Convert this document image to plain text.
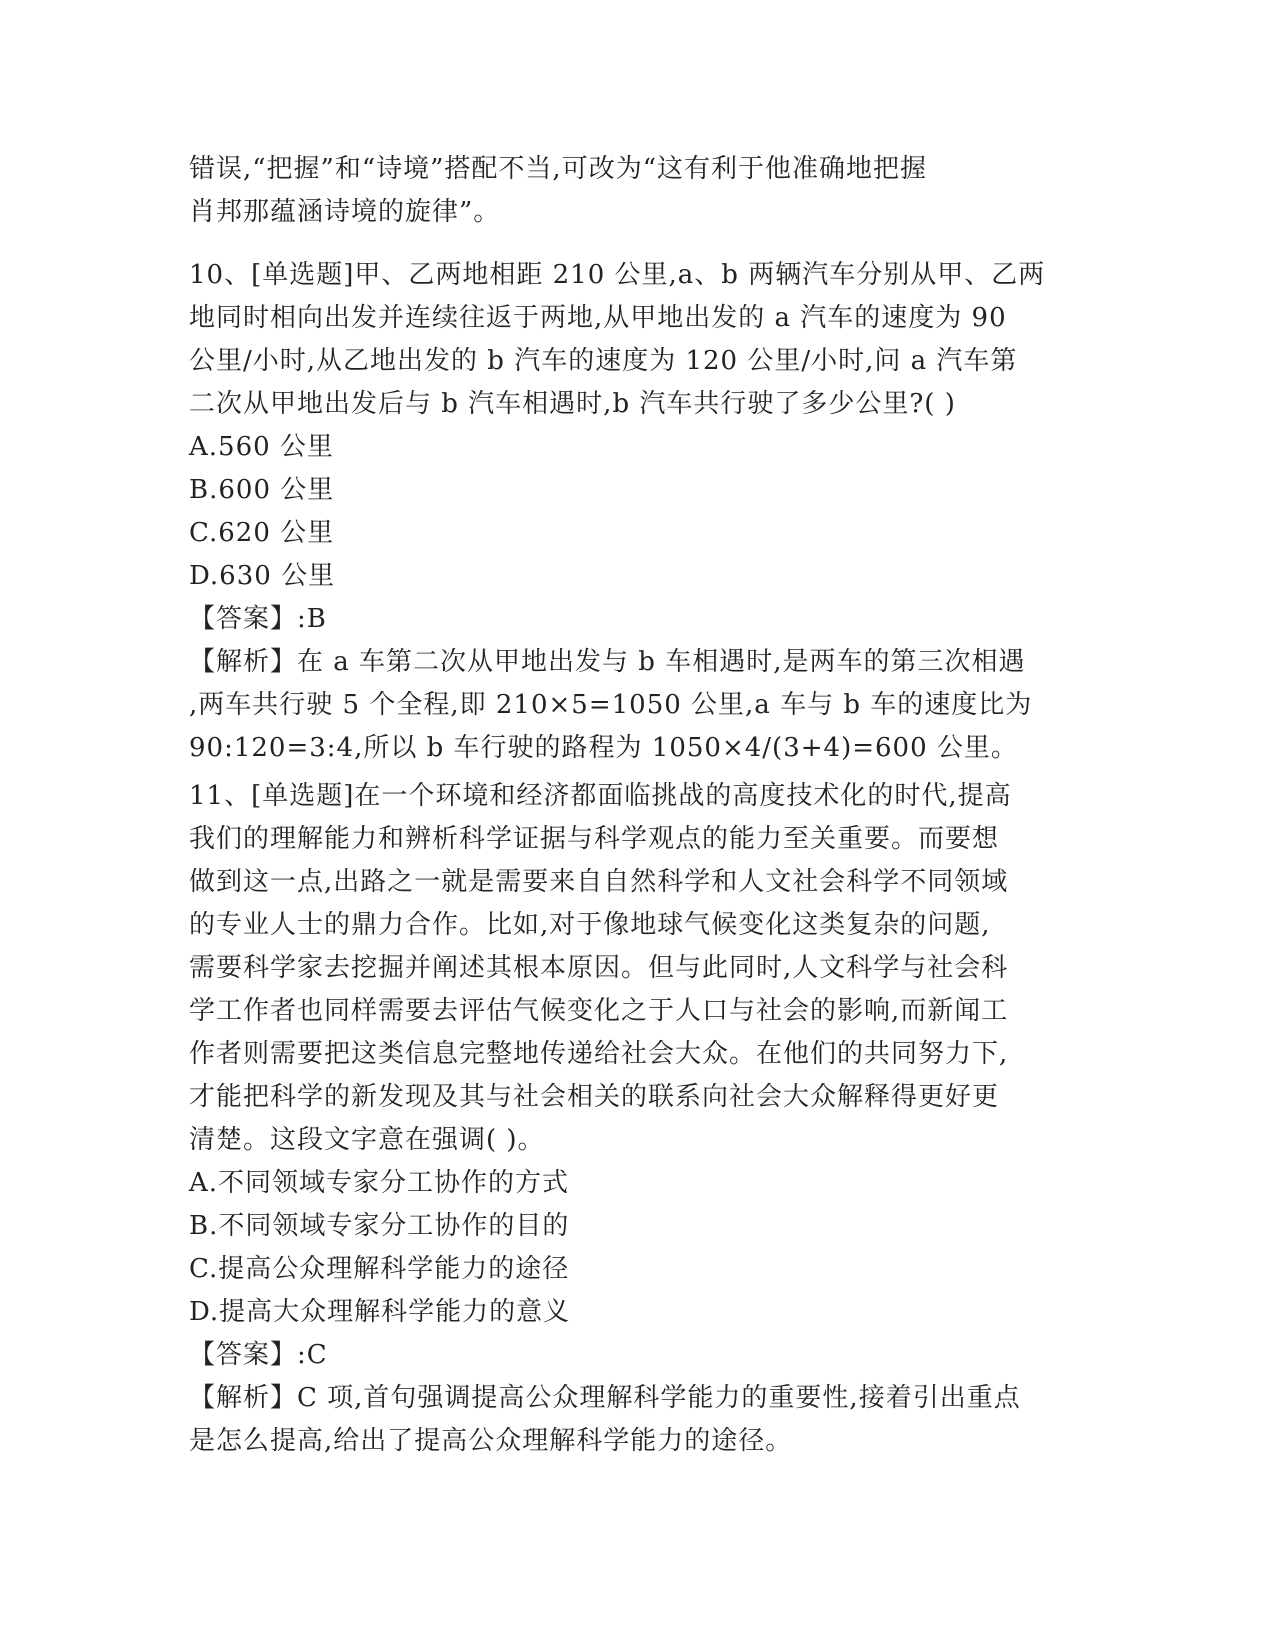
错误,“把握”和“诗境”搭配不当,可改为“这有利于他准确地把握
肖邦那蕴涵诗境的旋律”。
10、[单选题]甲、乙两地相距 210 公里,a、b 两辆汽车分别从甲、乙两
地同时相向出发并连续往返于两地,从甲地出发的 a 汽车的速度为 90
公里/小时,从乙地出发的 b 汽车的速度为 120 公里/小时,问 a 汽车第
二次从甲地出发后与 b 汽车相遇时,b 汽车共行驶了多少公里?( )
A.560 公里
B.600 公里
C.620 公里
D.630 公里
【答案】:B
【解析】在 a 车第二次从甲地出发与 b 车相遇时,是两车的第三次相遇
,两车共行驶 5 个全程,即 210×5=1050 公里,a 车与 b 车的速度比为
90:120=3:4,所以 b 车行驶的路程为 1050×4/(3+4)=600 公里。
11、[单选题]在一个环境和经济都面临挑战的高度技术化的时代,提高
我们的理解能力和辨析科学证据与科学观点的能力至关重要。而要想
做到这一点,出路之一就是需要来自自然科学和人文社会科学不同领域
的专业人士的鼎力合作。比如,对于像地球气候变化这类复杂的问题,
需要科学家去挖掘并阐述其根本原因。但与此同时,人文科学与社会科
学工作者也同样需要去评估气候变化之于人口与社会的影响,而新闻工
作者则需要把这类信息完整地传递给社会大众。在他们的共同努力下,
才能把科学的新发现及其与社会相关的联系向社会大众解释得更好更
清楚。这段文字意在强调( )。
A.不同领域专家分工协作的方式
B.不同领域专家分工协作的目的
C.提高公众理解科学能力的途径
D.提高大众理解科学能力的意义
【答案】:C
【解析】C 项,首句强调提高公众理解科学能力的重要性,接着引出重点
是怎么提高,给出了提高公众理解科学能力的途径。
